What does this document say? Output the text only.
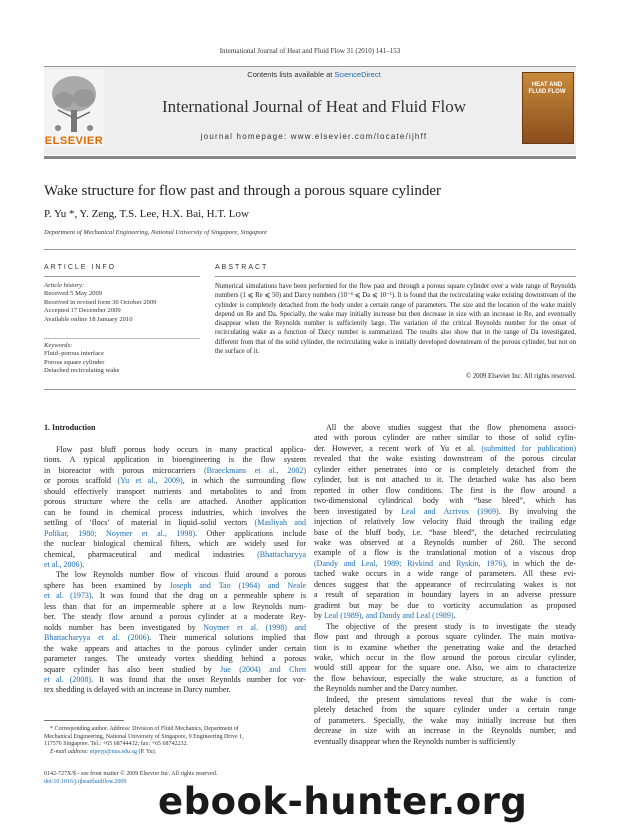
International Journal of Heat and Fluid Flow 31 (2010) 141–153
ELSEVIER
Contents lists available at ScienceDirect
International Journal of Heat and Fluid Flow
journal homepage: www.elsevier.com/locate/ijhff
HEAT AND
FLUID FLOW
Wake structure for flow past and through a porous square cylinder
P. Yu *, Y. Zeng, T.S. Lee, H.X. Bai, H.T. Low
Department of Mechanical Engineering, National University of Singapore, Singapore
ARTICLE INFO
Article history:
Received 5 May 2009
Received in revised form 30 October 2009
Accepted 17 December 2009
Available online 18 January 2010
Keywords:
Fluid–porous interface
Porous square cylinder
Detached recirculating wake
ABSTRACT
Numerical simulations have been performed for the flow past and through a porous square cylinder over a wide range of Reynolds numbers (1 ⩽ Re ⩽ 50) and Darcy numbers (10⁻⁶ ⩽ Da ⩽ 10⁻¹). It is found that the recirculating wake existing downstream of the cylinder is completely detached from the body under a certain range of parameters. The size and the location of the wake mainly depend on Re and Da. Specially, the wake may initially increase but then decrease in size with an increase in Re, and eventually disappear when the Reynolds number is sufficiently large. The variation of the critical Reynolds number for the onset of recirculating wake as a function of Darcy number is summarized. The results also show that in the range of Da investigated, different from that of the solid cylinder, the recirculating wake is initially developed downstream of the porous cylinder, but not on the surface of it.
© 2009 Elsevier Inc. All rights reserved.
1. Introduction
Flow past bluff porous body occurs in many practical applica-
tions. A typical application in bioengineering is the flow system
in bioreactor with porous microcarriers (Braeckmans et al., 2002)
or porous scaffold (Yu et al., 2009), in which the surrounding flow
should effectively transport nutrients and metabolites to and from
porous structure where the cells are attached. Another application
can be found in chemical process industries, which involves the
settling of ‘flocs’ of material in liquid–solid vectors (Masliyah and
Polikar, 1980; Noymer et al., 1998). Other applications include
the nuclear biological chemical filters, which are widely used for
chemical, pharmaceutical and medical industries (Bhattacharyya
et al., 2006).
The low Reynolds number flow of viscous fluid around a porous
sphere has been examined by Joseph and Tao (1964) and Neale
et al. (1973). It was found that the drag on a permeable sphere is
less than that for an impermeable sphere at a low Reynolds num-
ber. The steady flow around a porous cylinder at a moderate Rey-
nolds number has been investigated by Noymer et al. (1998) and
Bhattacharyya et al. (2006). Their numerical solutions implied that
the wake appears and attaches to the porous cylinder under certain
parameter ranges. The unsteady vortex shedding behind a porous
square cylinder has also been studied by Jue (2004) and Chen
et al. (2008). It was found that the onset Reynolds number for vor-
tex shedding is delayed with an increase in Darcy number.
All the above studies suggest that the flow phenomena associ-
ated with porous cylinder are rather similar to those of solid cylin-
der. However, a recent work of Yu et al. (submitted for publication)
revealed that the wake existing downstream of the porous circular
cylinder either penetrates into or is completely detached from the
cylinder, but is not attached to it. The detached wake has also been
reported in other flow conditions. The first is the flow around a
two-dimensional cylindrical body with “base bleed”, which has
been investigated by Leal and Acrivos (1969). By involving the
injection of relatively low velocity fluid through the trailing edge
base of the bluff body, i.e. “base bleed”, the detached recirculating
wake was observed at a Reynolds number of 260. The second
example of a flow is the translational motion of a viscous drop
(Dandy and Leal, 1989; Rivkind and Ryskin, 1976), in which the de-
tached wake occurs in a wide range of parameters. All these evi-
dences suggest that the appearance of recirculating wakes is not
a result of separation in boundary layers in an adverse pressure
gradient but may be due to vorticity accumulation as proposed
by Leal (1989), and Dandy and Leal (1989).
The objective of the present study is to investigate the steady
flow past and through a porous square cylinder. The main motiva-
tion is to examine whether the penetrating wake and the detached
wake, which occur in the flow around the porous circular cylinder,
would still appear for the square one. Also, we aim to characterize
the flow behaviour, especially the wake structure, as a function of
the Reynolds number and the Darcy number.
Indeed, the present simulations reveal that the wake is com-
pletely detached from the square cylinder under a certain range
of parameters. Specially, the wake may initially increase but then
decrease in size with an increase in the Reynolds number, and
eventually disappear when the Reynolds number is sufficiently
* Corresponding author. Address: Division of Fluid Mechanics, Department of
Mechanical Engineering, National University of Singapore, 9 Engineering Drive 1,
117576 Singapore. Tel.: +65 68744432; fax: +65 68742232.
E-mail address: mpeyp@nus.edu.sg (P. Yu).
0142-727X/$ - see front matter © 2009 Elsevier Inc. All rights reserved.
doi:10.1016/j.ijheatfluidflow.2009 ebook-hunter.org
